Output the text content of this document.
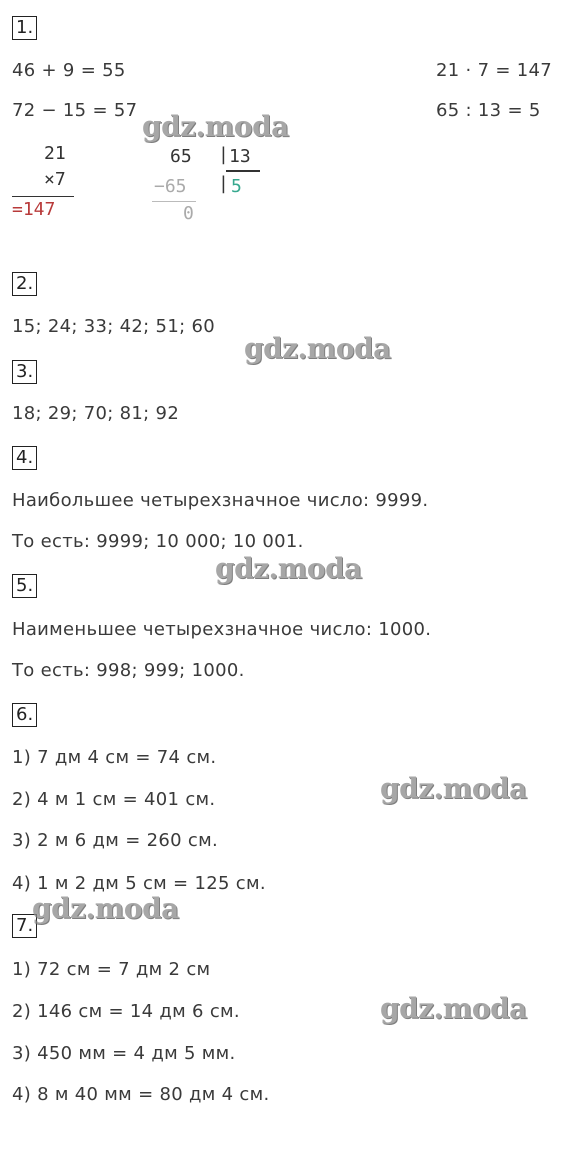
1.
46 + 9 = 55
72 − 15 = 57
21 · 7 = 147
65 : 13 = 5
21
×7
=147
65 | 13
−65 | 5
0
2.
15; 24; 33; 42; 51; 60
3.
18; 29; 70; 81; 92
4.
Наибольшее четырехзначное число: 9999.
То есть: 9999; 10 000; 10 001.
5.
Наименьшее четырехзначное число: 1000.
То есть: 998; 999; 1000.
6.
1) 7 дм 4 см = 74 см.
2) 4 м 1 см = 401 см.
3) 2 м 6 дм = 260 см.
4) 1 м 2 дм 5 см = 125 см.
7.
1) 72 см = 7 дм 2 см
2) 146 см = 14 дм 6 см.
3) 450 мм = 4 дм 5 мм.
4) 8 м 40 мм = 80 дм 4 см.
gdz.moda
gdz.moda
gdz.moda
gdz.moda
gdz.moda
gdz.moda
